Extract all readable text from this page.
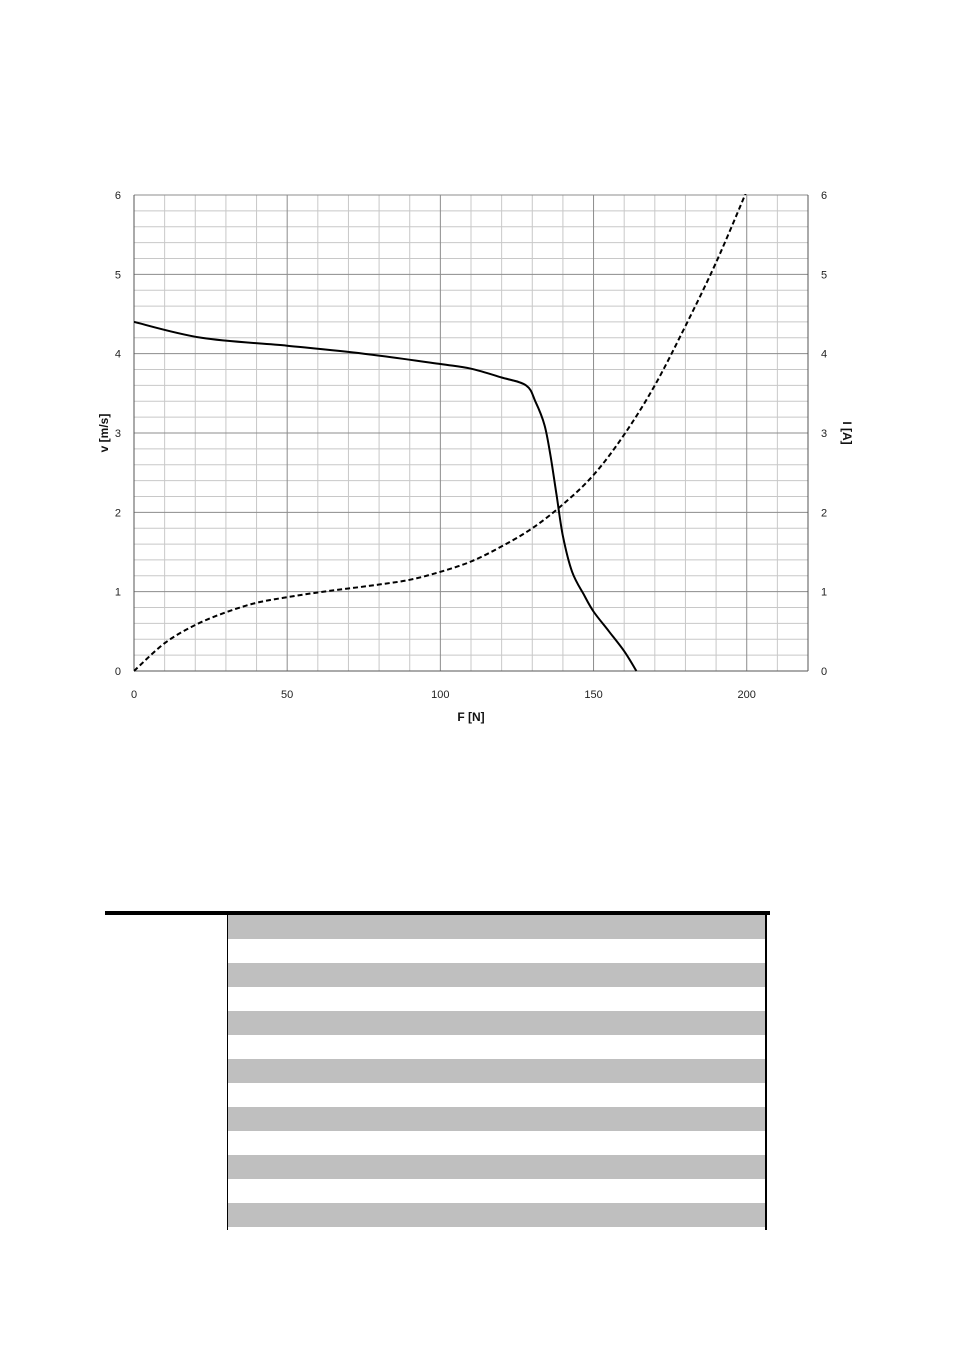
0	50	100	150	200
0
1
2
3
4
5
6
0
1
2
3
4
5
6
F [N]
v [m/s]	I [A]
